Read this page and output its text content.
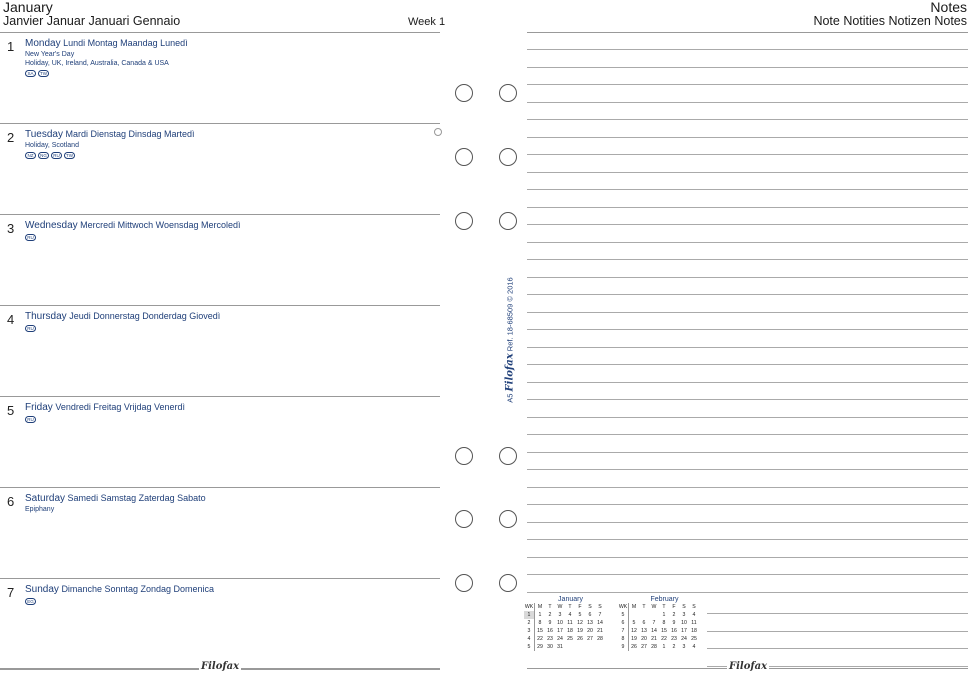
January
Janvier Januar Januari Gennaio	Week 1
Notes
Note Notities Notizen Notes
1 Monday Lundi Montag Maandag Lunedì
New Year's Day
Holiday, UK, Ireland, Australia, Canada & USA
SA	TW
2 Tuesday Mardi Dienstag Dinsdag Martedì
Holiday, Scotland
NZ	NG	RU	TW
3 Wednesday Mercredi Mittwoch Woensdag Mercoledì
RU
4 Thursday Jeudi Donnerstag Donderdag Giovedì
RU
5 Friday Vendredi Freitag Vrijdag Venerdì
RU
6 Saturday Samedi Samstag Zaterdag Sabato
Epiphany
7 Sunday Dimanche Sonntag Zondag Domenica
EG
A5 Filofax Ref. 18-68509 © 2016
January
WK	M	T	W	T	F	S	S
1	1	2	3	4	5	6	7
2	8	9	10	11	12	13	14
3	15	16	17	18	19	20	21
4	22	23	24	25	26	27	28
5	29	30	31				
February
WK	M	T	W	T	F	S	S
5				1	2	3	4
6	5	6	7	8	9	10	11
7	12	13	14	15	16	17	18
8	19	20	21	22	23	24	25
9	26	27	28	1	2	3	4
Filofax	Filofax
